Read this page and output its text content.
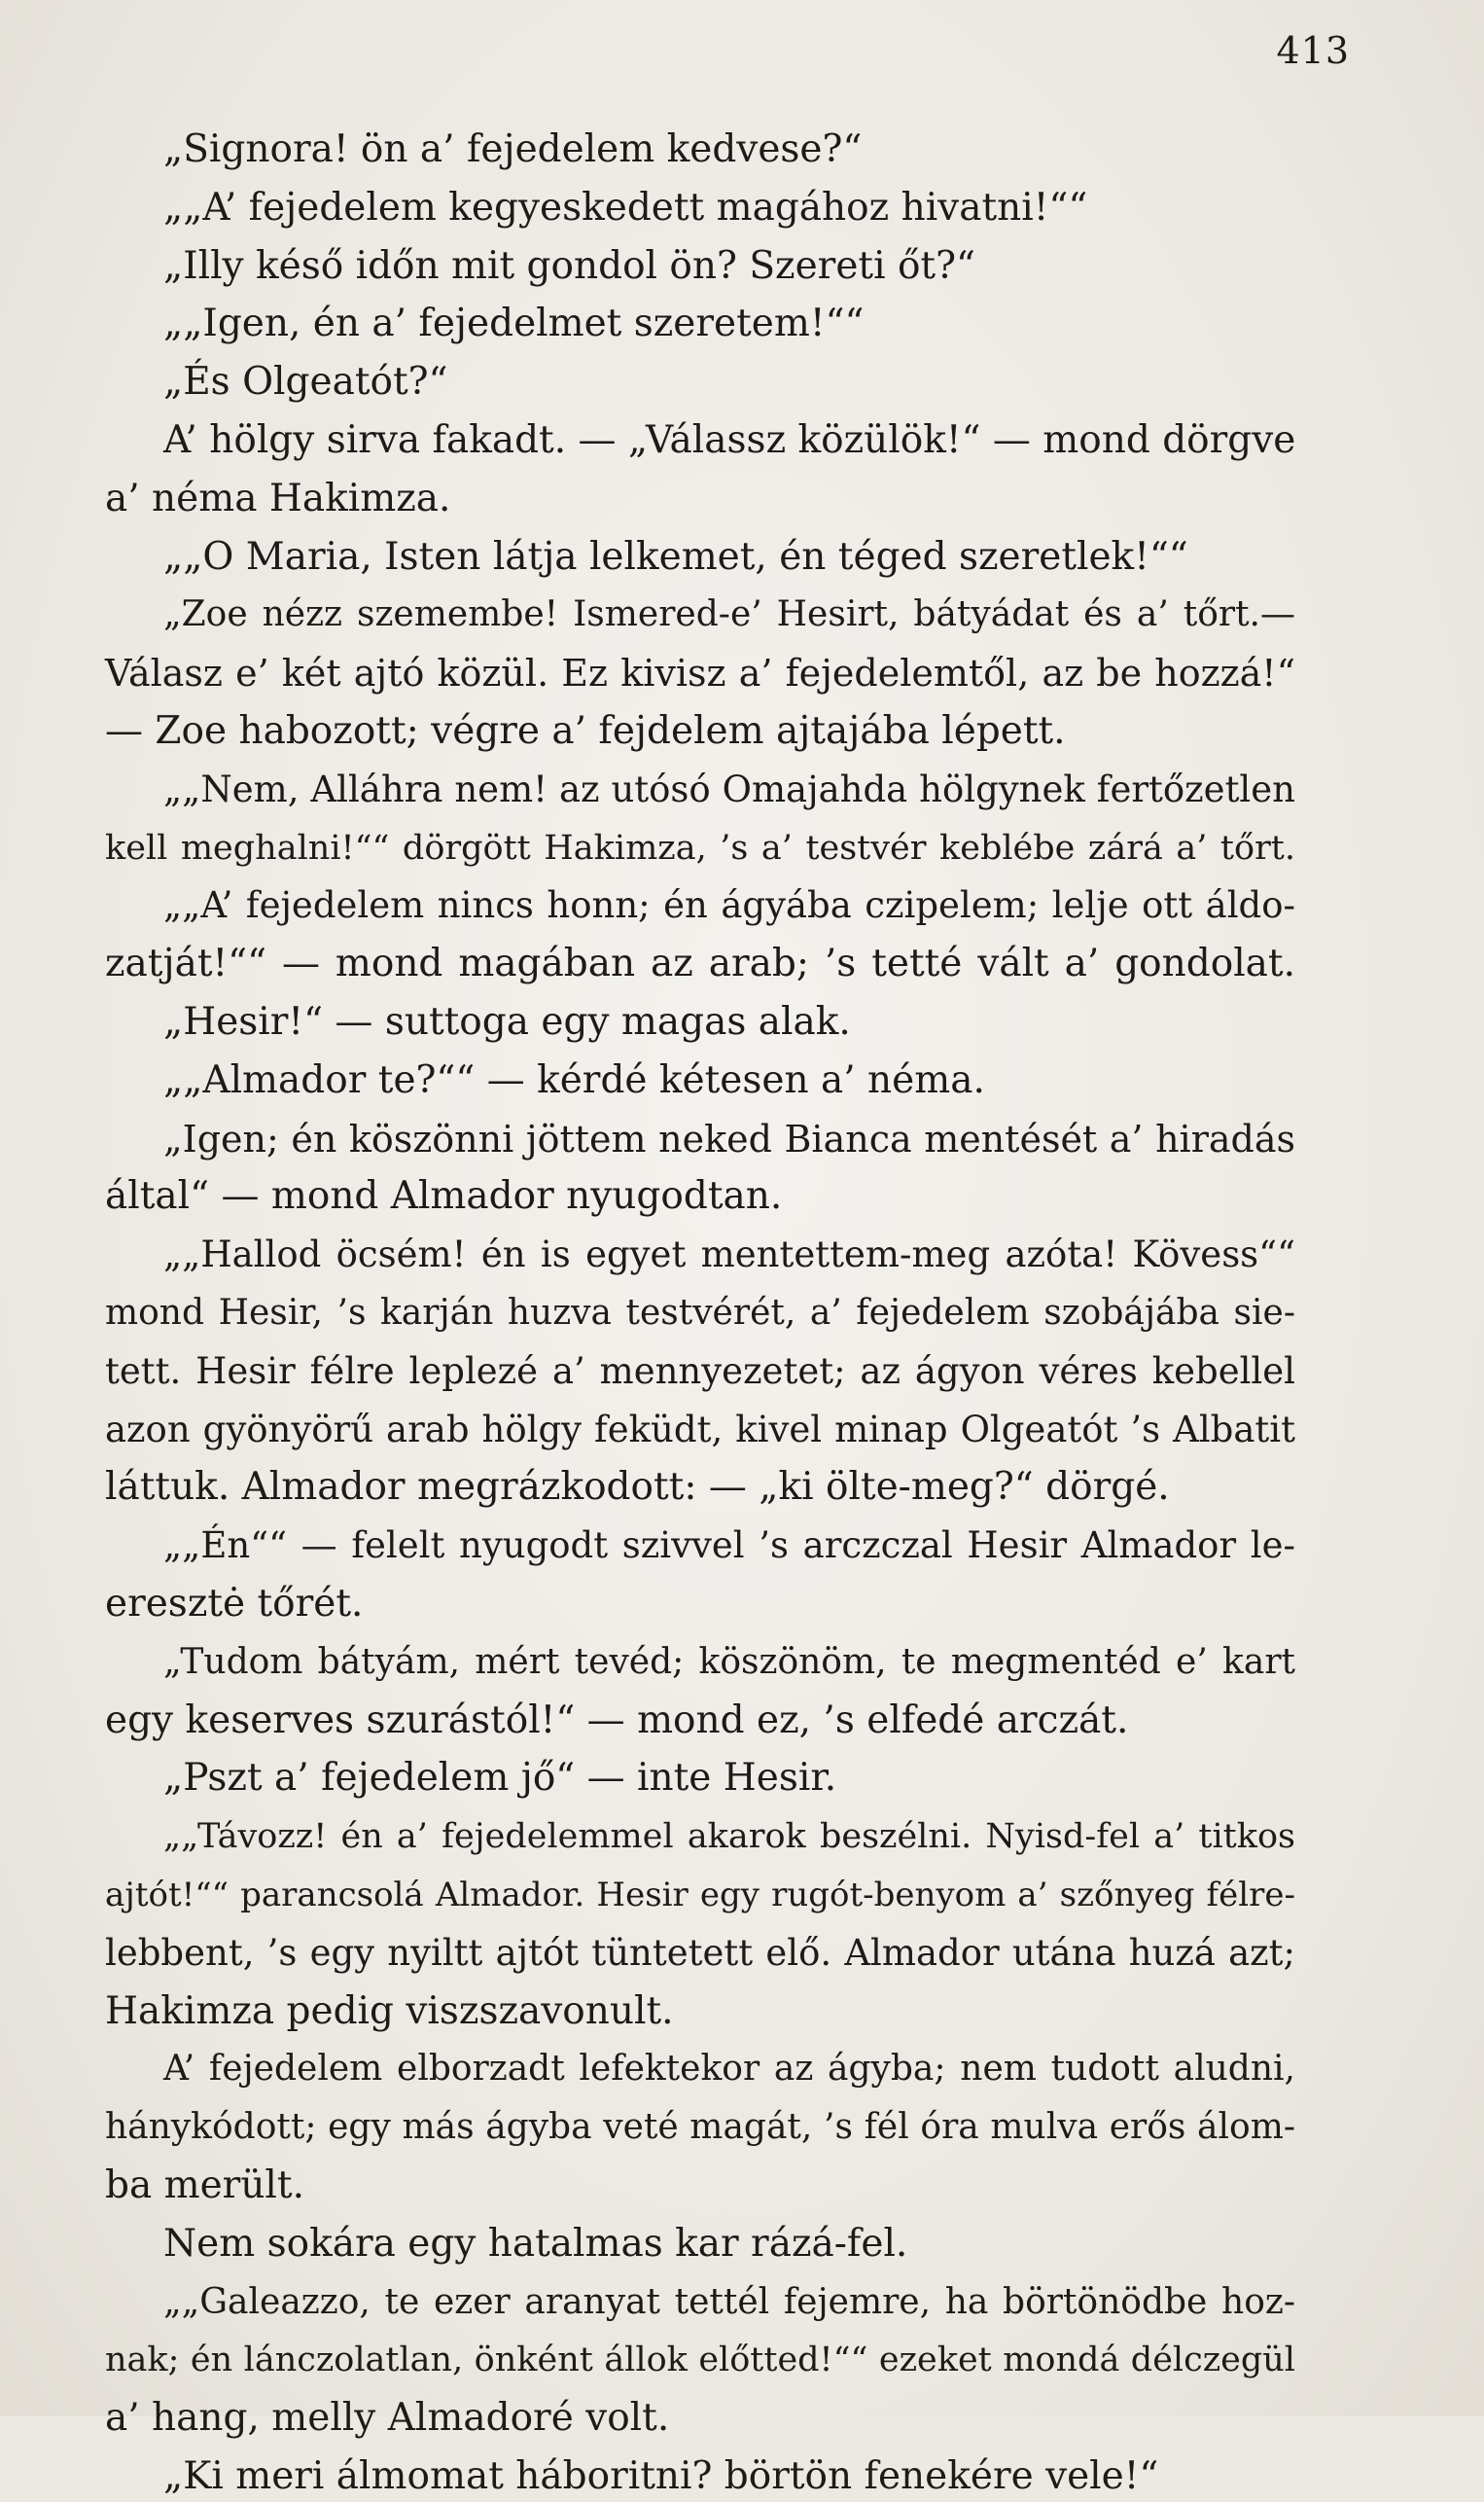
413
„Signora! ön a’ fejedelem kedvese?“
„„A’ fejedelem kegyeskedett magához hivatni!““
„Illy késő időn mit gondol ön? Szereti őt?“
„„Igen, én a’ fejedelmet szeretem!““
„És Olgeatót?“
A’ hölgy sirva fakadt. — „Válassz közülök!“ — mond dörgve
a’ néma Hakimza.
„„O Maria, Isten látja lelkemet, én téged szeretlek!““
„Zoe nézz szemembe! Ismered-e’ Hesirt, bátyádat és a’ tőrt.—
Válasz e’ két ajtó közül. Ez kivisz a’ fejedelemtől, az be hozzá!“
— Zoe habozott; végre a’ fejdelem ajtajába lépett.
„„Nem, Alláhra nem! az utósó Omajahda hölgynek fertőzetlen
kell meghalni!““ dörgött Hakimza, ’s a’ testvér keblébe zárá a’ tőrt.
„„A’ fejedelem nincs honn; én ágyába czipelem; lelje ott áldo-
zatját!““ — mond magában az arab; ’s tetté vált a’ gondolat.
„Hesir!“ — suttoga egy magas alak.
„„Almador te?““ — kérdé kétesen a’ néma.
„Igen; én köszönni jöttem neked Bianca mentését a’ hiradás
által“ — mond Almador nyugodtan.
„„Hallod öcsém! én is egyet mentettem-meg azóta! Kövess““
mond Hesir, ’s karján huzva testvérét, a’ fejedelem szobájába sie-
tett. Hesir félre leplezé a’ mennyezetet; az ágyon véres kebellel
azon gyönyörű arab hölgy feküdt, kivel minap Olgeatót ’s Albatit
láttuk. Almador megrázkodott: — „ki ölte-meg?“ dörgé.
„„Én““ — felelt nyugodt szivvel ’s arczczal Hesir Almador le-
eresztė tőrét.
„Tudom bátyám, mért tevéd; köszönöm, te megmentéd e’ kart
egy keserves szurástól!“ — mond ez, ’s elfedé arczát.
„Pszt a’ fejedelem jő“ — inte Hesir.
„„Távozz! én a’ fejedelemmel akarok beszélni. Nyisd-fel a’ titkos
ajtót!““ parancsolá Almador. Hesir egy rugót-benyom a’ szőnyeg félre-
lebbent, ’s egy nyiltt ajtót tüntetett elő. Almador utána huzá azt;
Hakimza pedig viszszavonult.
A’ fejedelem elborzadt lefektekor az ágyba; nem tudott aludni,
hánykódott; egy más ágyba veté magát, ’s fél óra mulva erős álom-
ba merült.
Nem sokára egy hatalmas kar rázá-fel.
„„Galeazzo, te ezer aranyat tettél fejemre, ha börtönödbe hoz-
nak; én lánczolatlan, önként állok előtted!““ ezeket mondá délczegül
a’ hang, melly Almadoré volt.
„Ki meri álmomat háboritni? börtön fenekére vele!“
